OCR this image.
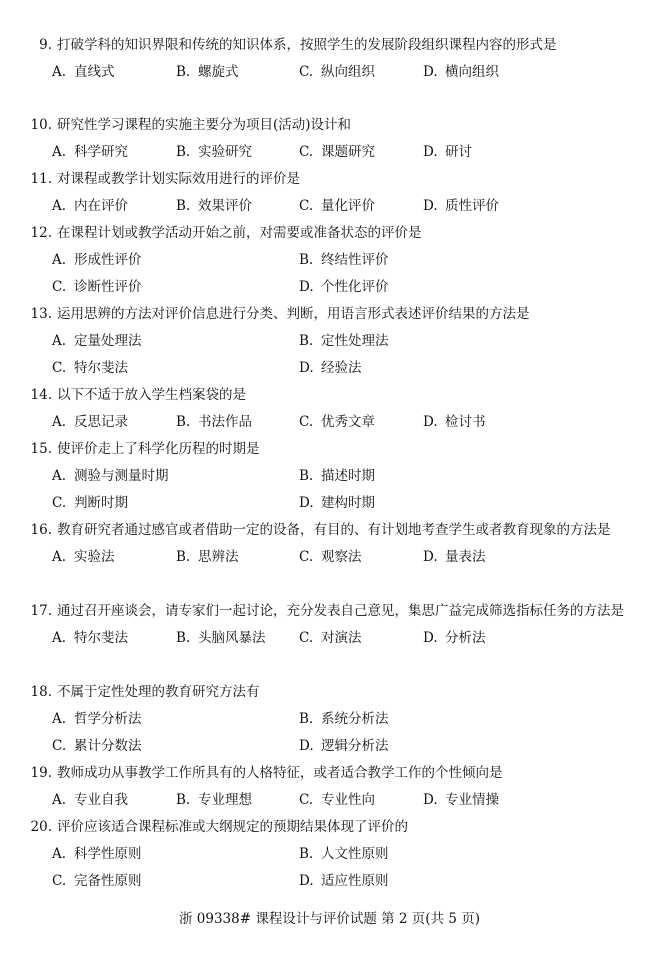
9. 打破学科的知识界限和传统的知识体系，按照学生的发展阶段组织课程内容的形式是
A. 直线式	B. 螺旋式	C. 纵向组织	D. 横向组织
10. 研究性学习课程的实施主要分为项目(活动)设计和
A. 科学研究	B. 实验研究	C. 课题研究	D. 研讨
11. 对课程或教学计划实际效用进行的评价是
A. 内在评价	B. 效果评价	C. 量化评价	D. 质性评价
12. 在课程计划或教学活动开始之前，对需要或准备状态的评价是
A. 形成性评价	B. 终结性评价
C. 诊断性评价	D. 个性化评价
13. 运用思辨的方法对评价信息进行分类、判断，用语言形式表述评价结果的方法是
A. 定量处理法	B. 定性处理法
C. 特尔斐法	D. 经验法
14. 以下不适于放入学生档案袋的是
A. 反思记录	B. 书法作品	C. 优秀文章	D. 检讨书
15. 使评价走上了科学化历程的时期是
A. 测验与测量时期	B. 描述时期
C. 判断时期	D. 建构时期
16. 教育研究者通过感官或者借助一定的设备，有目的、有计划地考查学生或者教育现象的方法是
A. 实验法	B. 思辨法	C. 观察法	D. 量表法
17. 通过召开座谈会，请专家们一起讨论，充分发表自己意见，集思广益完成筛选指标任务的方法是
A. 特尔斐法	B. 头脑风暴法 C. 对演法	D. 分析法
18. 不属于定性处理的教育研究方法有
A. 哲学分析法	B. 系统分析法
C. 累计分数法	D. 逻辑分析法
19. 教师成功从事教学工作所具有的人格特征，或者适合教学工作的个性倾向是
A. 专业自我	B. 专业理想	C. 专业性向	D. 专业情操
20. 评价应该适合课程标准或大纲规定的预期结果体现了评价的
A. 科学性原则	B. 人文性原则
C. 完备性原则	D. 适应性原则
浙 09338# 课程设计与评价试题 第 2 页(共 5 页)
